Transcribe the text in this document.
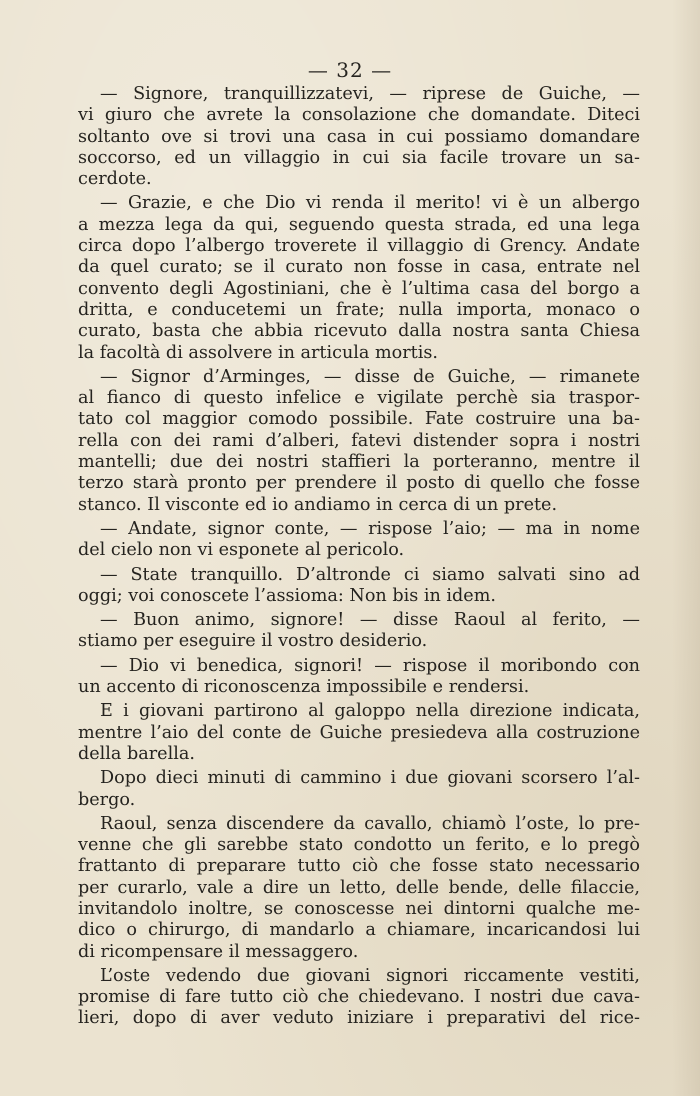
— 32 —
— Signore, tranquillizzatevi, — riprese de Guiche, —
vi giuro che avrete la consolazione che domandate. Diteci
soltanto ove si trovi una casa in cui possiamo domandare
soccorso, ed un villaggio in cui sia facile trovare un sa-
cerdote.
— Grazie, e che Dio vi renda il merito! vi è un albergo
a mezza lega da qui, seguendo questa strada, ed una lega
circa dopo l’albergo troverete il villaggio di Grency. Andate
da quel curato; se il curato non fosse in casa, entrate nel
convento degli Agostiniani, che è l’ultima casa del borgo a
dritta, e conducetemi un frate; nulla importa, monaco o
curato, basta che abbia ricevuto dalla nostra santa Chiesa
la facoltà di assolvere in articula mortis.
— Signor d’Arminges, — disse de Guiche, — rimanete
al fianco di questo infelice e vigilate perchè sia traspor-
tato col maggior comodo possibile. Fate costruire una ba-
rella con dei rami d’alberi, fatevi distender sopra i nostri
mantelli; due dei nostri staffieri la porteranno, mentre il
terzo starà pronto per prendere il posto di quello che fosse
stanco. Il visconte ed io andiamo in cerca di un prete.
— Andate, signor conte, — rispose l’aio; — ma in nome
del cielo non vi esponete al pericolo.
— State tranquillo. D’altronde ci siamo salvati sino ad
oggi; voi conoscete l’assioma: Non bis in idem.
— Buon animo, signore! — disse Raoul al ferito, —
stiamo per eseguire il vostro desiderio.
— Dio vi benedica, signori! — rispose il moribondo con
un accento di riconoscenza impossibile e rendersi.
E i giovani partirono al galoppo nella direzione indicata,
mentre l’aio del conte de Guiche presiedeva alla costruzione
della barella.
Dopo dieci minuti di cammino i due giovani scorsero l’al-
bergo.
Raoul, senza discendere da cavallo, chiamò l’oste, lo pre-
venne che gli sarebbe stato condotto un ferito, e lo pregò
frattanto di preparare tutto ciò che fosse stato necessario
per curarlo, vale a dire un letto, delle bende, delle filaccie,
invitandolo inoltre, se conoscesse nei dintorni qualche me-
dico o chirurgo, di mandarlo a chiamare, incaricandosi lui
di ricompensare il messaggero.
L’oste vedendo due giovani signori riccamente vestiti,
promise di fare tutto ciò che chiedevano. I nostri due cava-
lieri, dopo di aver veduto iniziare i preparativi del rice-
